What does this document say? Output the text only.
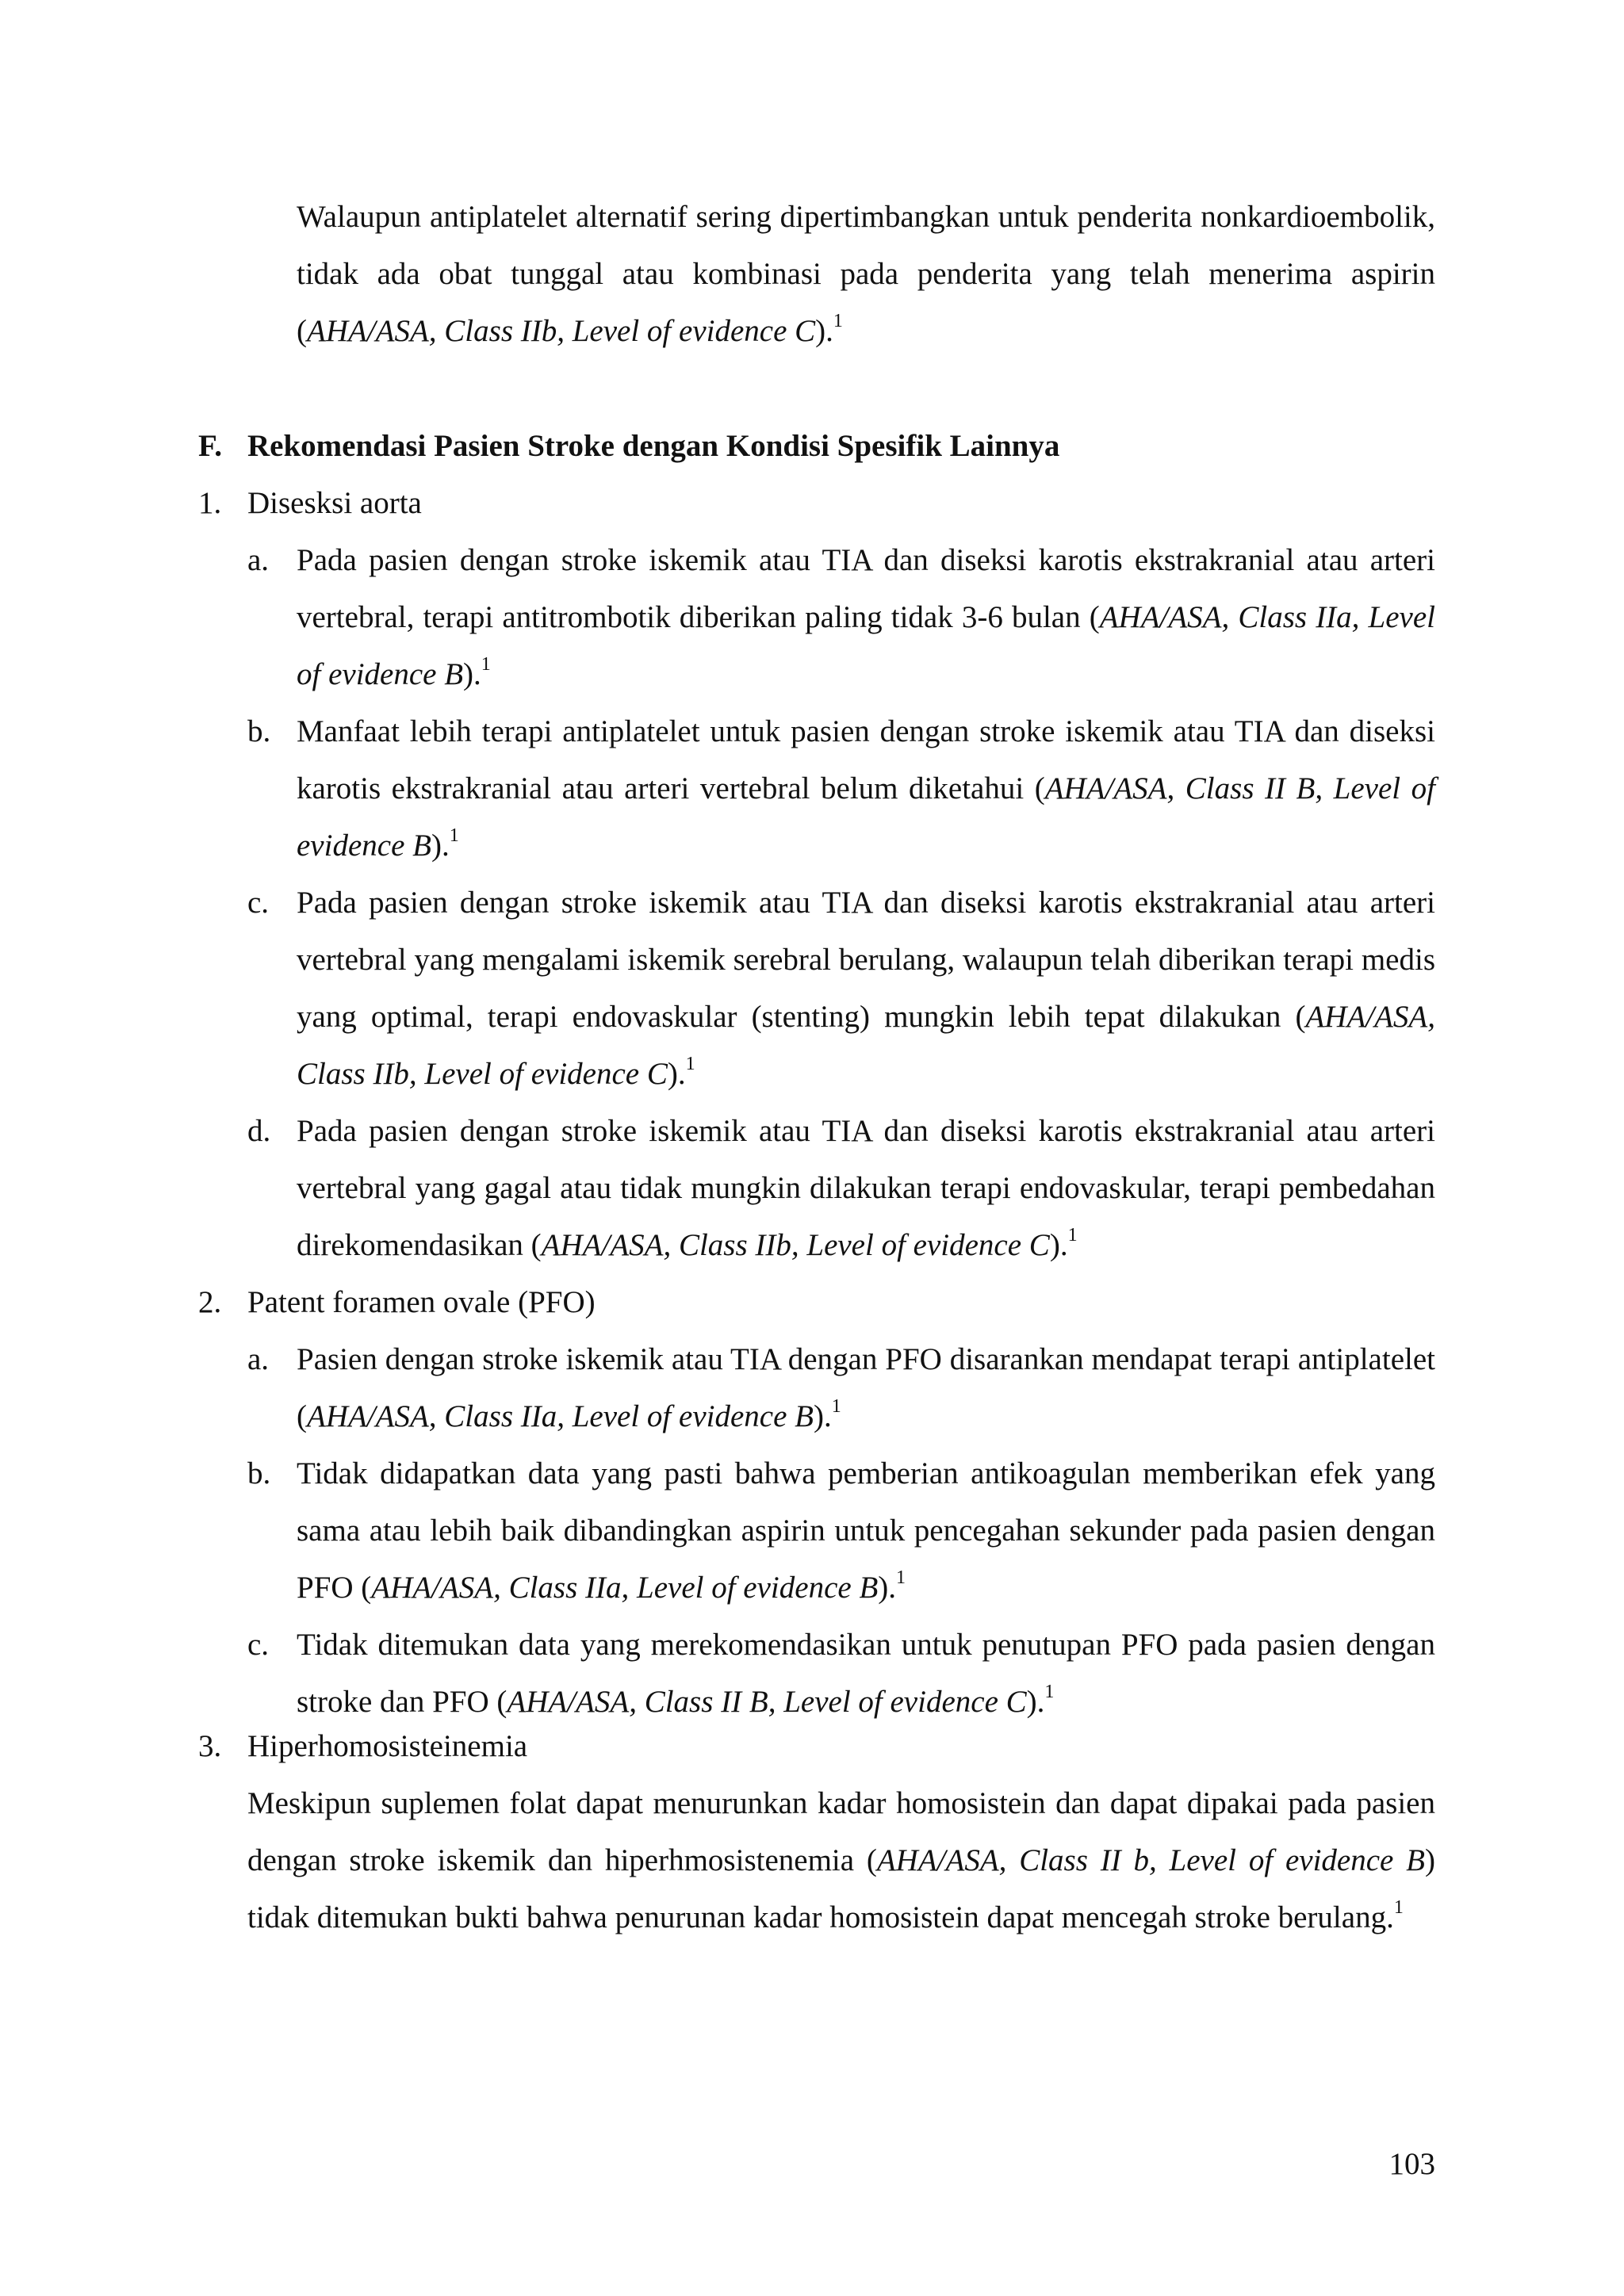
Walaupun antiplatelet alternatif sering dipertimbangkan untuk penderita nonkardioembolik, tidak ada obat tunggal atau kombinasi pada penderita yang telah menerima aspirin (AHA/ASA, Class IIb, Level of evidence C).$^1$

F. Rekomendasi Pasien Stroke dengan Kondisi Spesifik Lainnya

1. Disesksi aorta

a. Pada pasien dengan stroke iskemik atau TIA dan diseksi karotis ekstrakranial atau arteri vertebral, terapi antitrombotik diberikan paling tidak 3-6 bulan (AHA/ASA, Class IIa, Level of evidence B).$^1$
b. Manfaat lebih terapi antiplatelet untuk pasien dengan stroke iskemik atau TIA dan diseksi karotis ekstrakranial atau arteri vertebral belum diketahui (AHA/ASA, Class II B, Level of evidence B).$^1$
c. Pada pasien dengan stroke iskemik atau TIA dan diseksi karotis ekstrakranial atau arteri vertebral yang mengalami iskemik serebral berulang, walaupun telah diberikan terapi medis yang optimal, terapi endovaskular (stenting) mungkin lebih tepat dilakukan (AHA/ASA, Class IIb, Level of evidence C).$^1$
d. Pada pasien dengan stroke iskemik atau TIA dan diseksi karotis ekstrakranial atau arteri vertebral yang gagal atau tidak mungkin dilakukan terapi endovaskular, terapi pembedahan direkomendasikan (AHA/ASA, Class IIb, Level of evidence C).$^1$

2. Patent foramen ovale (PFO)

a. Pasien dengan stroke iskemik atau TIA dengan PFO disarankan mendapat terapi antiplatelet (AHA/ASA, Class IIa, Level of evidence B).$^1$
b. Tidak didapatkan data yang pasti bahwa pemberian antikoagulan memberikan efek yang sama atau lebih baik dibandingkan aspirin untuk pencegahan sekunder pada pasien dengan PFO (AHA/ASA, Class IIa, Level of evidence B).$^1$
c. Tidak ditemukan data yang merekomendasikan untuk penutupan PFO pada pasien dengan stroke dan PFO (AHA/ASA, Class II B, Level of evidence C).$^1$

3. Hiperhomosisteinemia

Meskipun suplemen folat dapat menurunkan kadar homosistein dan dapat dipakai pada pasien dengan stroke iskemik dan hiperhmosistenemia (AHA/ASA, Class II b, Level of evidence B) tidak ditemukan bukti bahwa penurunan kadar homosistein dapat mencegah stroke berulang.$^1$

103
